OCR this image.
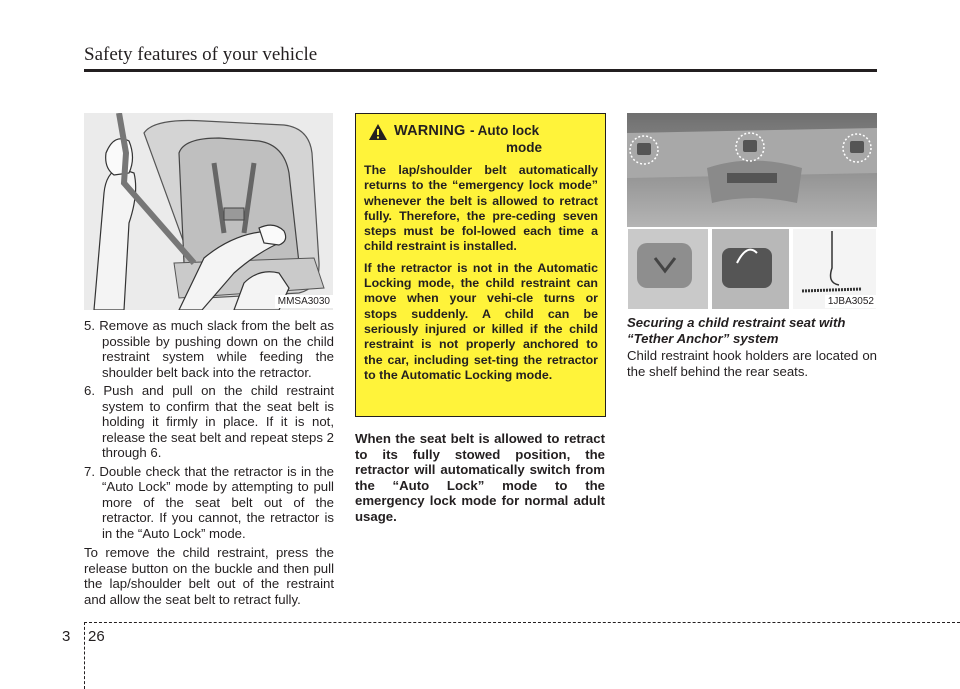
Safety features of your vehicle
MMSA3030

5. Remove as much slack from the belt as possible by pushing down on the child restraint system while feeding the shoulder belt back into the retractor.

6. Push and pull on the child restraint system to confirm that the seat belt is holding it firmly in place. If it is not, release the seat belt and repeat steps 2 through 6.

7. Double check that the retractor is in the “Auto Lock” mode by attempting to pull more of the seat belt out of the retractor. If you cannot, the retractor is in the “Auto Lock” mode.

To remove the child restraint, press the release button on the buckle and then pull the lap/shoulder belt out of the restraint and allow the seat belt to retract fully.

WARNING - Auto lock
mode

The lap/shoulder belt automatically returns to the “emergency lock mode” whenever the belt is allowed to retract fully. Therefore, the pre-ceding seven steps must be fol-lowed each time a child restraint is installed.

If the retractor is not in the Automatic Locking mode, the child restraint can move when your vehi-cle turns or stops suddenly. A child can be seriously injured or killed if the child restraint is not properly anchored to the car, including set-ting the retractor to the Automatic Locking mode.

When the seat belt is allowed to retract to its fully stowed position, the retractor will automatically switch from the “Auto Lock” mode to the emergency lock mode for normal adult usage.

1JBA3052

Securing a child restraint seat with

“Tether Anchor” system

Child restraint hook holders are located on the shelf behind the rear seats.

3 26
